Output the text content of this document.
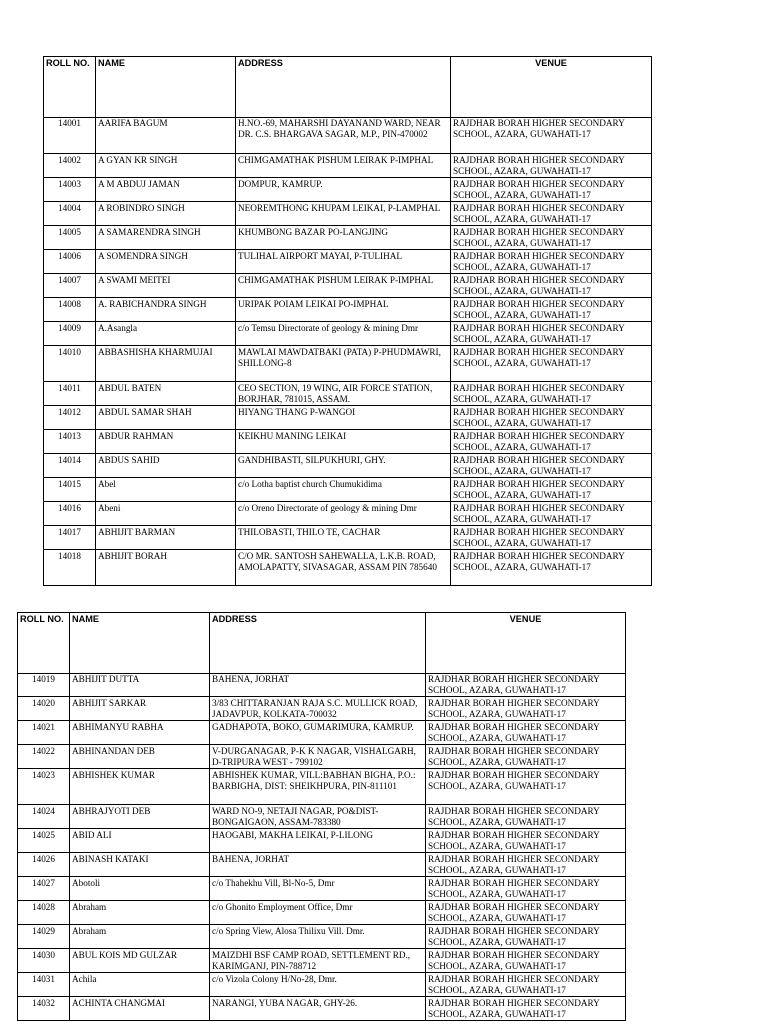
ROLL NO.	NAME	ADDRESS	VENUE
14001	AARIFA BAGUM	H.NO.-69, MAHARSHI DAYANAND WARD, NEAR DR. C.S. BHARGAVA SAGAR, M.P., PIN-470002	RAJDHAR BORAH HIGHER SECONDARY SCHOOL, AZARA, GUWAHATI-17
14002	A GYAN KR SINGH	CHIMGAMATHAK PISHUM LEIRAK P-IMPHAL	RAJDHAR BORAH HIGHER SECONDARY SCHOOL, AZARA, GUWAHATI-17
14003	A M ABDUJ JAMAN	DOMPUR, KAMRUP.	RAJDHAR BORAH HIGHER SECONDARY SCHOOL, AZARA, GUWAHATI-17
14004	A ROBINDRO SINGH	NEOREMTHONG KHUPAM LEIKAI, P-LAMPHAL	RAJDHAR BORAH HIGHER SECONDARY SCHOOL, AZARA, GUWAHATI-17
14005	A SAMARENDRA SINGH	KHUMBONG BAZAR PO-LANGJING	RAJDHAR BORAH HIGHER SECONDARY SCHOOL, AZARA, GUWAHATI-17
14006	A SOMENDRA SINGH	TULIHAL AIRPORT MAYAI, P-TULIHAL	RAJDHAR BORAH HIGHER SECONDARY SCHOOL, AZARA, GUWAHATI-17
14007	A SWAMI MEITEI	CHIMGAMATHAK PISHUM LEIRAK P-IMPHAL	RAJDHAR BORAH HIGHER SECONDARY SCHOOL, AZARA, GUWAHATI-17
14008	A. RABICHANDRA SINGH	URIPAK POIAM LEIKAI PO-IMPHAL	RAJDHAR BORAH HIGHER SECONDARY SCHOOL, AZARA, GUWAHATI-17
14009	A.Asangla	c/o Temsu Directorate of geology & mining Dmr	RAJDHAR BORAH HIGHER SECONDARY SCHOOL, AZARA, GUWAHATI-17
14010	ABBASHISHA KHARMUJAI	MAWLAI MAWDATBAKI (PATA) P-PHUDMAWRI, SHILLONG-8	RAJDHAR BORAH HIGHER SECONDARY SCHOOL, AZARA, GUWAHATI-17
14011	ABDUL BATEN	CEO SECTION, 19 WING, AIR FORCE STATION, BORJHAR, 781015, ASSAM.	RAJDHAR BORAH HIGHER SECONDARY SCHOOL, AZARA, GUWAHATI-17
14012	ABDUL SAMAR SHAH	HIYANG THANG P-WANGOI	RAJDHAR BORAH HIGHER SECONDARY SCHOOL, AZARA, GUWAHATI-17
14013	ABDUR RAHMAN	KEIKHU MANING LEIKAI	RAJDHAR BORAH HIGHER SECONDARY SCHOOL, AZARA, GUWAHATI-17
14014	ABDUS SAHID	GANDHIBASTI, SILPUKHURI, GHY.	RAJDHAR BORAH HIGHER SECONDARY SCHOOL, AZARA, GUWAHATI-17
14015	Abel	c/o Lotha baptist church Chumukidima	RAJDHAR BORAH HIGHER SECONDARY SCHOOL, AZARA, GUWAHATI-17
14016	Abeni	c/o Oreno Directorate of geology & mining Dmr	RAJDHAR BORAH HIGHER SECONDARY SCHOOL, AZARA, GUWAHATI-17
14017	ABHIJIT BARMAN	THILOBASTI, THILO TE, CACHAR	RAJDHAR BORAH HIGHER SECONDARY SCHOOL, AZARA, GUWAHATI-17
14018	ABHIJIT BORAH	C/O MR. SANTOSH SAHEWALLA, L.K.B. ROAD, AMOLAPATTY, SIVASAGAR, ASSAM PIN 785640	RAJDHAR BORAH HIGHER SECONDARY SCHOOL, AZARA, GUWAHATI-17
ROLL NO.	NAME	ADDRESS	VENUE
14019	ABHIJIT DUTTA	BAHENA, JORHAT	RAJDHAR BORAH HIGHER SECONDARY SCHOOL, AZARA, GUWAHATI-17
14020	ABHIJIT SARKAR	3/83 CHITTARANJAN RAJA S.C. MULLICK ROAD, JADAVPUR, KOLKATA-700032	RAJDHAR BORAH HIGHER SECONDARY SCHOOL, AZARA, GUWAHATI-17
14021	ABHIMANYU RABHA	GADHAPOTA, BOKO, GUMARIMURA, KAMRUP.	RAJDHAR BORAH HIGHER SECONDARY SCHOOL, AZARA, GUWAHATI-17
14022	ABHINANDAN DEB	V-DURGANAGAR, P-K K NAGAR, VISHALGARH, D-TRIPURA WEST - 799102	RAJDHAR BORAH HIGHER SECONDARY SCHOOL, AZARA, GUWAHATI-17
14023	ABHISHEK KUMAR	ABHISHEK KUMAR, VILL:BABHAN BIGHA, P.O.: BARBIGHA, DIST: SHEIKHPURA, PIN-811101	RAJDHAR BORAH HIGHER SECONDARY SCHOOL, AZARA, GUWAHATI-17
14024	ABHRAJYOTI DEB	WARD NO-9, NETAJI NAGAR, PO&DIST-BONGAIGAON, ASSAM-783380	RAJDHAR BORAH HIGHER SECONDARY SCHOOL, AZARA, GUWAHATI-17
14025	ABID ALI	HAOGABI, MAKHA LEIKAI, P-LILONG	RAJDHAR BORAH HIGHER SECONDARY SCHOOL, AZARA, GUWAHATI-17
14026	ABINASH KATAKI	BAHENA, JORHAT	RAJDHAR BORAH HIGHER SECONDARY SCHOOL, AZARA, GUWAHATI-17
14027	Abotoli	c/o Thahekhu Vill, Bl-No-5, Dmr	RAJDHAR BORAH HIGHER SECONDARY SCHOOL, AZARA, GUWAHATI-17
14028	Abraham	c/o Ghonito Employment Office, Dmr	RAJDHAR BORAH HIGHER SECONDARY SCHOOL, AZARA, GUWAHATI-17
14029	Abraham	c/o Spring View, Alosa Thilixu Vill. Dmr.	RAJDHAR BORAH HIGHER SECONDARY SCHOOL, AZARA, GUWAHATI-17
14030	ABUL KOIS MD GULZAR	MAIZDHI BSF CAMP ROAD, SETTLEMENT RD., KARIMGANJ, PIN-788712	RAJDHAR BORAH HIGHER SECONDARY SCHOOL, AZARA, GUWAHATI-17
14031	Achila	c/o Vizola Colony H/No-28, Dmr.	RAJDHAR BORAH HIGHER SECONDARY SCHOOL, AZARA, GUWAHATI-17
14032	ACHINTA CHANGMAI	NARANGI, YUBA NAGAR, GHY-26.	RAJDHAR BORAH HIGHER SECONDARY SCHOOL, AZARA, GUWAHATI-17
